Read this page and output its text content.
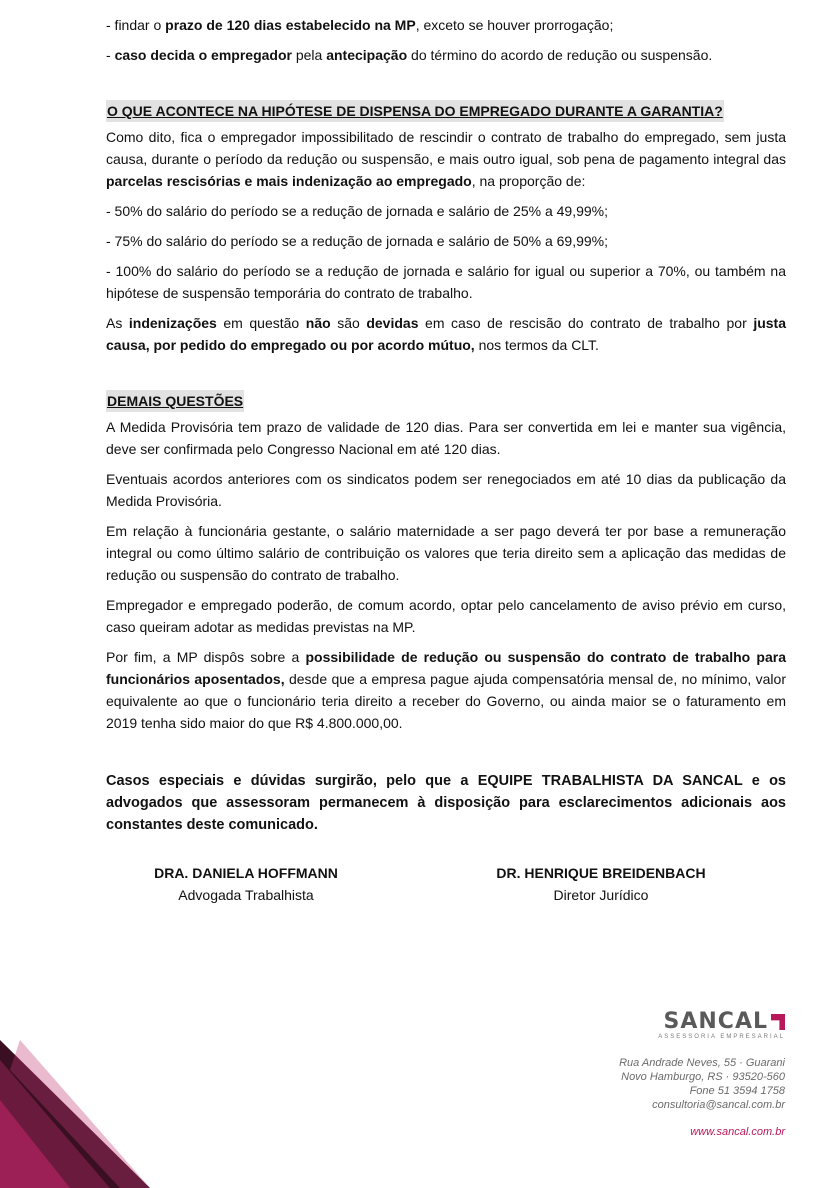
- findar o prazo de 120 dias estabelecido na MP, exceto se houver prorrogação;

- caso decida o empregador pela antecipação do término do acordo de redução ou suspensão.

O QUE ACONTECE NA HIPÓTESE DE DISPENSA DO EMPREGADO DURANTE A GARANTIA?

Como dito, fica o empregador impossibilitado de rescindir o contrato de trabalho do empregado, sem justa causa, durante o período da redução ou suspensão, e mais outro igual, sob pena de pagamento integral das parcelas rescisórias e mais indenização ao empregado, na proporção de:

- 50% do salário do período se a redução de jornada e salário de 25% a 49,99%;

- 75% do salário do período se a redução de jornada e salário de 50% a 69,99%;

- 100% do salário do período se a redução de jornada e salário for igual ou superior a 70%, ou também na hipótese de suspensão temporária do contrato de trabalho.

As indenizações em questão não são devidas em caso de rescisão do contrato de trabalho por justa causa, por pedido do empregado ou por acordo mútuo, nos termos da CLT.

DEMAIS QUESTÕES

A Medida Provisória tem prazo de validade de 120 dias. Para ser convertida em lei e manter sua vigência, deve ser confirmada pelo Congresso Nacional em até 120 dias.

Eventuais acordos anteriores com os sindicatos podem ser renegociados em até 10 dias da publicação da Medida Provisória.

Em relação à funcionária gestante, o salário maternidade a ser pago deverá ter por base a remuneração integral ou como último salário de contribuição os valores que teria direito sem a aplicação das medidas de redução ou suspensão do contrato de trabalho.

Empregador e empregado poderão, de comum acordo, optar pelo cancelamento de aviso prévio em curso, caso queiram adotar as medidas previstas na MP.

Por fim, a MP dispôs sobre a possibilidade de redução ou suspensão do contrato de trabalho para funcionários aposentados, desde que a empresa pague ajuda compensatória mensal de, no mínimo, valor equivalente ao que o funcionário teria direito a receber do Governo, ou ainda maior se o faturamento em 2019 tenha sido maior do que R$ 4.800.000,00.

Casos especiais e dúvidas surgirão, pelo que a EQUIPE TRABALHISTA DA SANCAL e os advogados que assessoram permanecem à disposição para esclarecimentos adicionais aos constantes deste comunicado.

DRA. DANIELA HOFFMANN
Advogada Trabalhista
DR. HENRIQUE BREIDENBACH
Diretor Jurídico
SANCAL
ASSESSORIA EMPRESARIAL
Rua Andrade Neves, 55 · Guarani
Novo Hamburgo, RS · 93520-560
Fone 51 3594 1758
consultoria@sancal.com.br
www.sancal.com.br
